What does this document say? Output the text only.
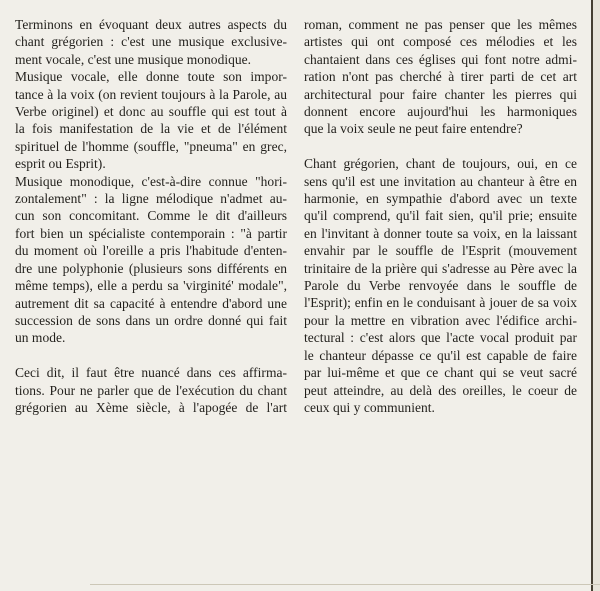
Terminons en évoquant deux autres aspects du
chant grégorien : c'est une musique exclusive-
ment vocale, c'est une musique monodique.
Musique vocale, elle donne toute son impor-
tance à la voix (on revient toujours à la Parole, au
Verbe originel) et donc au souffle qui est tout à
la fois manifestation de la vie et de l'élément
spirituel de l'homme (souffle, "pneuma" en grec,
esprit ou Esprit).
Musique monodique, c'est-à-dire connue "hori-
zontalement" : la ligne mélodique n'admet au-
cun son concomitant. Comme le dit d'ailleurs
fort bien un spécialiste contemporain : "à partir
du moment où l'oreille a pris l'habitude d'enten-
dre une polyphonie (plusieurs sons différents en
même temps), elle a perdu sa 'virginité' modale",
autrement dit sa capacité à entendre d'abord une
succession de sons dans un ordre donné qui fait
un mode.
Ceci dit, il faut être nuancé dans ces affirma-
tions. Pour ne parler que de l'exécution du chant
grégorien au Xème siècle, à l'apogée de l'art
roman, comment ne pas penser que les mêmes
artistes qui ont composé ces mélodies et les
chantaient dans ces églises qui font notre admi-
ration n'ont pas cherché à tirer parti de cet art
architectural pour faire chanter les pierres qui
donnent encore aujourd'hui les harmoniques
que la voix seule ne peut faire entendre?
Chant grégorien, chant de toujours, oui, en ce
sens qu'il est une invitation au chanteur à être en
harmonie, en sympathie d'abord avec un texte
qu'il comprend, qu'il fait sien, qu'il prie; ensuite
en l'invitant à donner toute sa voix, en la laissant
envahir par le souffle de l'Esprit (mouvement
trinitaire de la prière qui s'adresse au Père avec la
Parole du Verbe renvoyée dans le souffle de
l'Esprit); enfin en le conduisant à jouer de sa voix
pour la mettre en vibration avec l'édifice archi-
tectural : c'est alors que l'acte vocal produit par
le chanteur dépasse ce qu'il est capable de faire
par lui-même et que ce chant qui se veut sacré
peut atteindre, au delà des oreilles, le coeur de
ceux qui y communient.
